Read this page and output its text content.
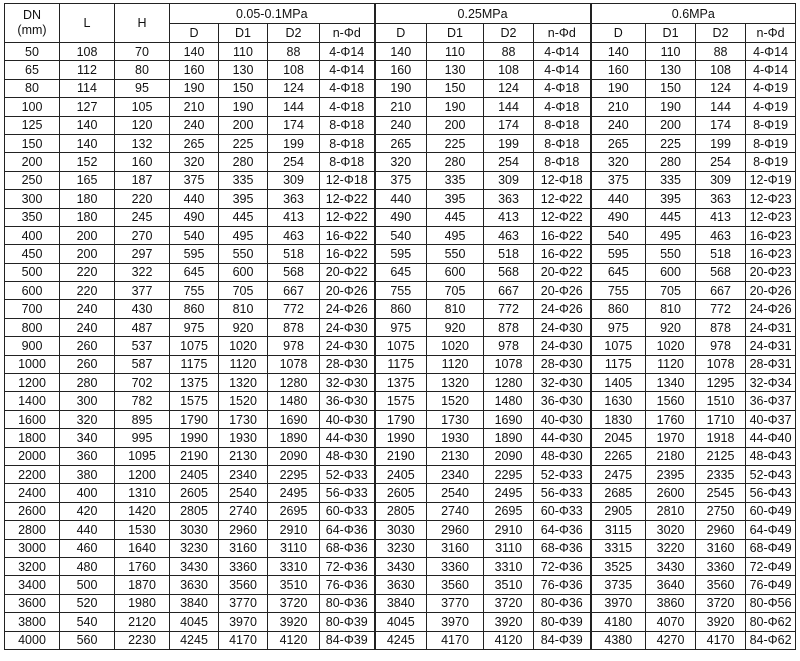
DN
(mm)	L	H	0.05-0.1MPa				0.25MPa				0.6MPa			
			D	D1	D2	n-Φd	D	D1	D2	n-Φd	D	D1	D2	n-Φd
50	108	70	140	110	88	4-Φ14	140	110	88	4-Φ14	140	110	88	4-Φ14
65	112	80	160	130	108	4-Φ14	160	130	108	4-Φ14	160	130	108	4-Φ14
80	114	95	190	150	124	4-Φ18	190	150	124	4-Φ18	190	150	124	4-Φ19
100	127	105	210	190	144	4-Φ18	210	190	144	4-Φ18	210	190	144	4-Φ19
125	140	120	240	200	174	8-Φ18	240	200	174	8-Φ18	240	200	174	8-Φ19
150	140	132	265	225	199	8-Φ18	265	225	199	8-Φ18	265	225	199	8-Φ19
200	152	160	320	280	254	8-Φ18	320	280	254	8-Φ18	320	280	254	8-Φ19
250	165	187	375	335	309	12-Φ18	375	335	309	12-Φ18	375	335	309	12-Φ19
300	180	220	440	395	363	12-Φ22	440	395	363	12-Φ22	440	395	363	12-Φ23
350	180	245	490	445	413	12-Φ22	490	445	413	12-Φ22	490	445	413	12-Φ23
400	200	270	540	495	463	16-Φ22	540	495	463	16-Φ22	540	495	463	16-Φ23
450	200	297	595	550	518	16-Φ22	595	550	518	16-Φ22	595	550	518	16-Φ23
500	220	322	645	600	568	20-Φ22	645	600	568	20-Φ22	645	600	568	20-Φ23
600	220	377	755	705	667	20-Φ26	755	705	667	20-Φ26	755	705	667	20-Φ26
700	240	430	860	810	772	24-Φ26	860	810	772	24-Φ26	860	810	772	24-Φ26
800	240	487	975	920	878	24-Φ30	975	920	878	24-Φ30	975	920	878	24-Φ31
900	260	537	1075	1020	978	24-Φ30	1075	1020	978	24-Φ30	1075	1020	978	24-Φ31
1000	260	587	1175	1120	1078	28-Φ30	1175	1120	1078	28-Φ30	1175	1120	1078	28-Φ31
1200	280	702	1375	1320	1280	32-Φ30	1375	1320	1280	32-Φ30	1405	1340	1295	32-Φ34
1400	300	782	1575	1520	1480	36-Φ30	1575	1520	1480	36-Φ30	1630	1560	1510	36-Φ37
1600	320	895	1790	1730	1690	40-Φ30	1790	1730	1690	40-Φ30	1830	1760	1710	40-Φ37
1800	340	995	1990	1930	1890	44-Φ30	1990	1930	1890	44-Φ30	2045	1970	1918	44-Φ40
2000	360	1095	2190	2130	2090	48-Φ30	2190	2130	2090	48-Φ30	2265	2180	2125	48-Φ43
2200	380	1200	2405	2340	2295	52-Φ33	2405	2340	2295	52-Φ33	2475	2395	2335	52-Φ43
2400	400	1310	2605	2540	2495	56-Φ33	2605	2540	2495	56-Φ33	2685	2600	2545	56-Φ43
2600	420	1420	2805	2740	2695	60-Φ33	2805	2740	2695	60-Φ33	2905	2810	2750	60-Φ49
2800	440	1530	3030	2960	2910	64-Φ36	3030	2960	2910	64-Φ36	3115	3020	2960	64-Φ49
3000	460	1640	3230	3160	3110	68-Φ36	3230	3160	3110	68-Φ36	3315	3220	3160	68-Φ49
3200	480	1760	3430	3360	3310	72-Φ36	3430	3360	3310	72-Φ36	3525	3430	3360	72-Φ49
3400	500	1870	3630	3560	3510	76-Φ36	3630	3560	3510	76-Φ36	3735	3640	3560	76-Φ49
3600	520	1980	3840	3770	3720	80-Φ36	3840	3770	3720	80-Φ36	3970	3860	3720	80-Φ56
3800	540	2120	4045	3970	3920	80-Φ39	4045	3970	3920	80-Φ39	4180	4070	3920	80-Φ62
4000	560	2230	4245	4170	4120	84-Φ39	4245	4170	4120	84-Φ39	4380	4270	4170	84-Φ62
